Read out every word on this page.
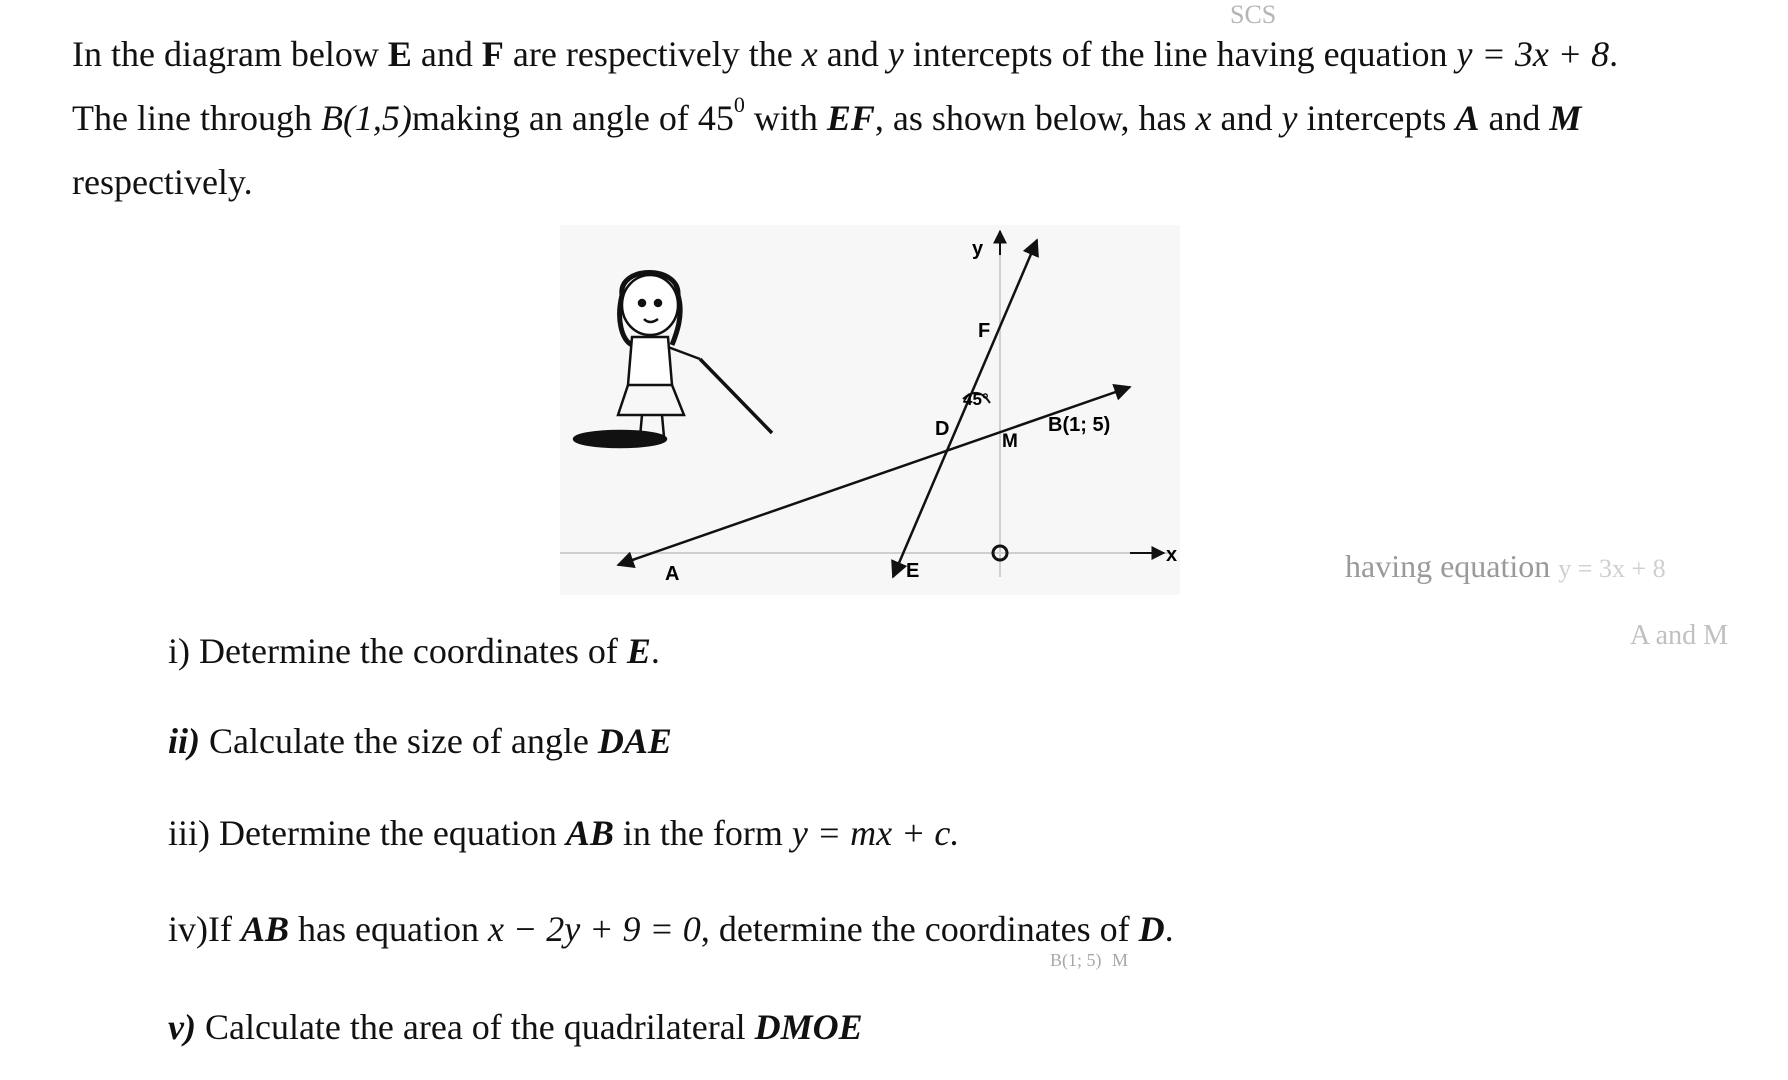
SCS

In the diagram below E and F are respectively the x and y intercepts of the line having equation y = 3x + 8.

The line through B(1,5)making an angle of $45^0$ with EF, as shown below, has x and y intercepts A and M

respectively.

y
x
F
D
45°
M
B(1; 5)
A	E	having equation y = 3x + 8
A and M
i) Determine the coordinates of E.
ii) Calculate the size of angle DAE
iii) Determine the equation AB in the form y = mx + c.
iv)If AB has equation x − 2y + 9 = 0, determine the coordinates of D.
B(1; 5) M
v) Calculate the area of the quadrilateral DMOE
